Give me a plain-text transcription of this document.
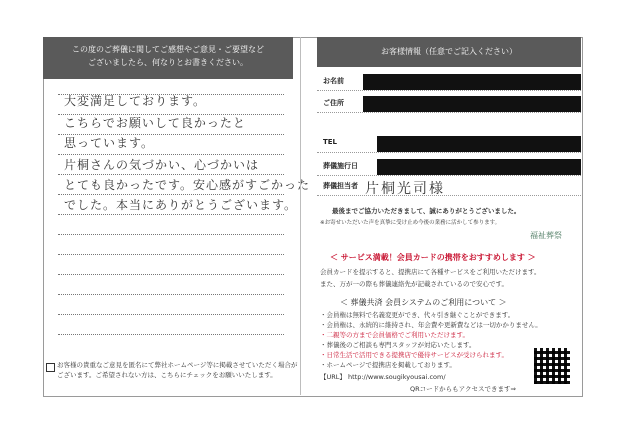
この度のご葬儀に関してご感想やご意見・ご要望など
ございましたら、何なりとお書きください。
大変満足しております。
こちらでお願いして良かったと
思っています。
片桐さんの気づかい、心づかいは
とても良かったです。安心感がすごかった
でした。本当にありがとうございます。
お客様の貴重なご意見を匿名にて弊社ホームページ等に掲載させていただく場合が
ございます。ご希望されない方は、こちらにチェックをお願いいたします。
お客様情報（任意でご記入ください）
お名前
ご住所
TEL
葬儀施行日
葬儀担当者 片桐光司様
最後までご協力いただきまして、誠にありがとうございました。
※お寄せいただいた声を真摯に受け止め今後の業務に活かして参ります。
福祉葬祭
＜ サービス満載！会員カードの携帯をおすすめします ＞
会員カードを提示すると、提携店にて各種サービスをご利用いただけます。
また、万が一の際も葬儀連絡先が記載されているので安心です。
＜ 葬儀共済 会員システムのご利用について ＞
・会員権は無料で名義変更ができ、代々引き継ぐことができます。
・会員権は、永続的に維持され、年会費や更新費などは一切かかりません。
・二親等の方まで会員価格でご利用いただけます。
・葬儀後のご相談も専門スタッフが対応いたします。
・日常生活で活用できる提携店で優待サービスが受けられます。
・ホームページで提携店を掲載しております。
【URL】 http://www.sougikyousai.com/
QRコードからもアクセスできます⇒
